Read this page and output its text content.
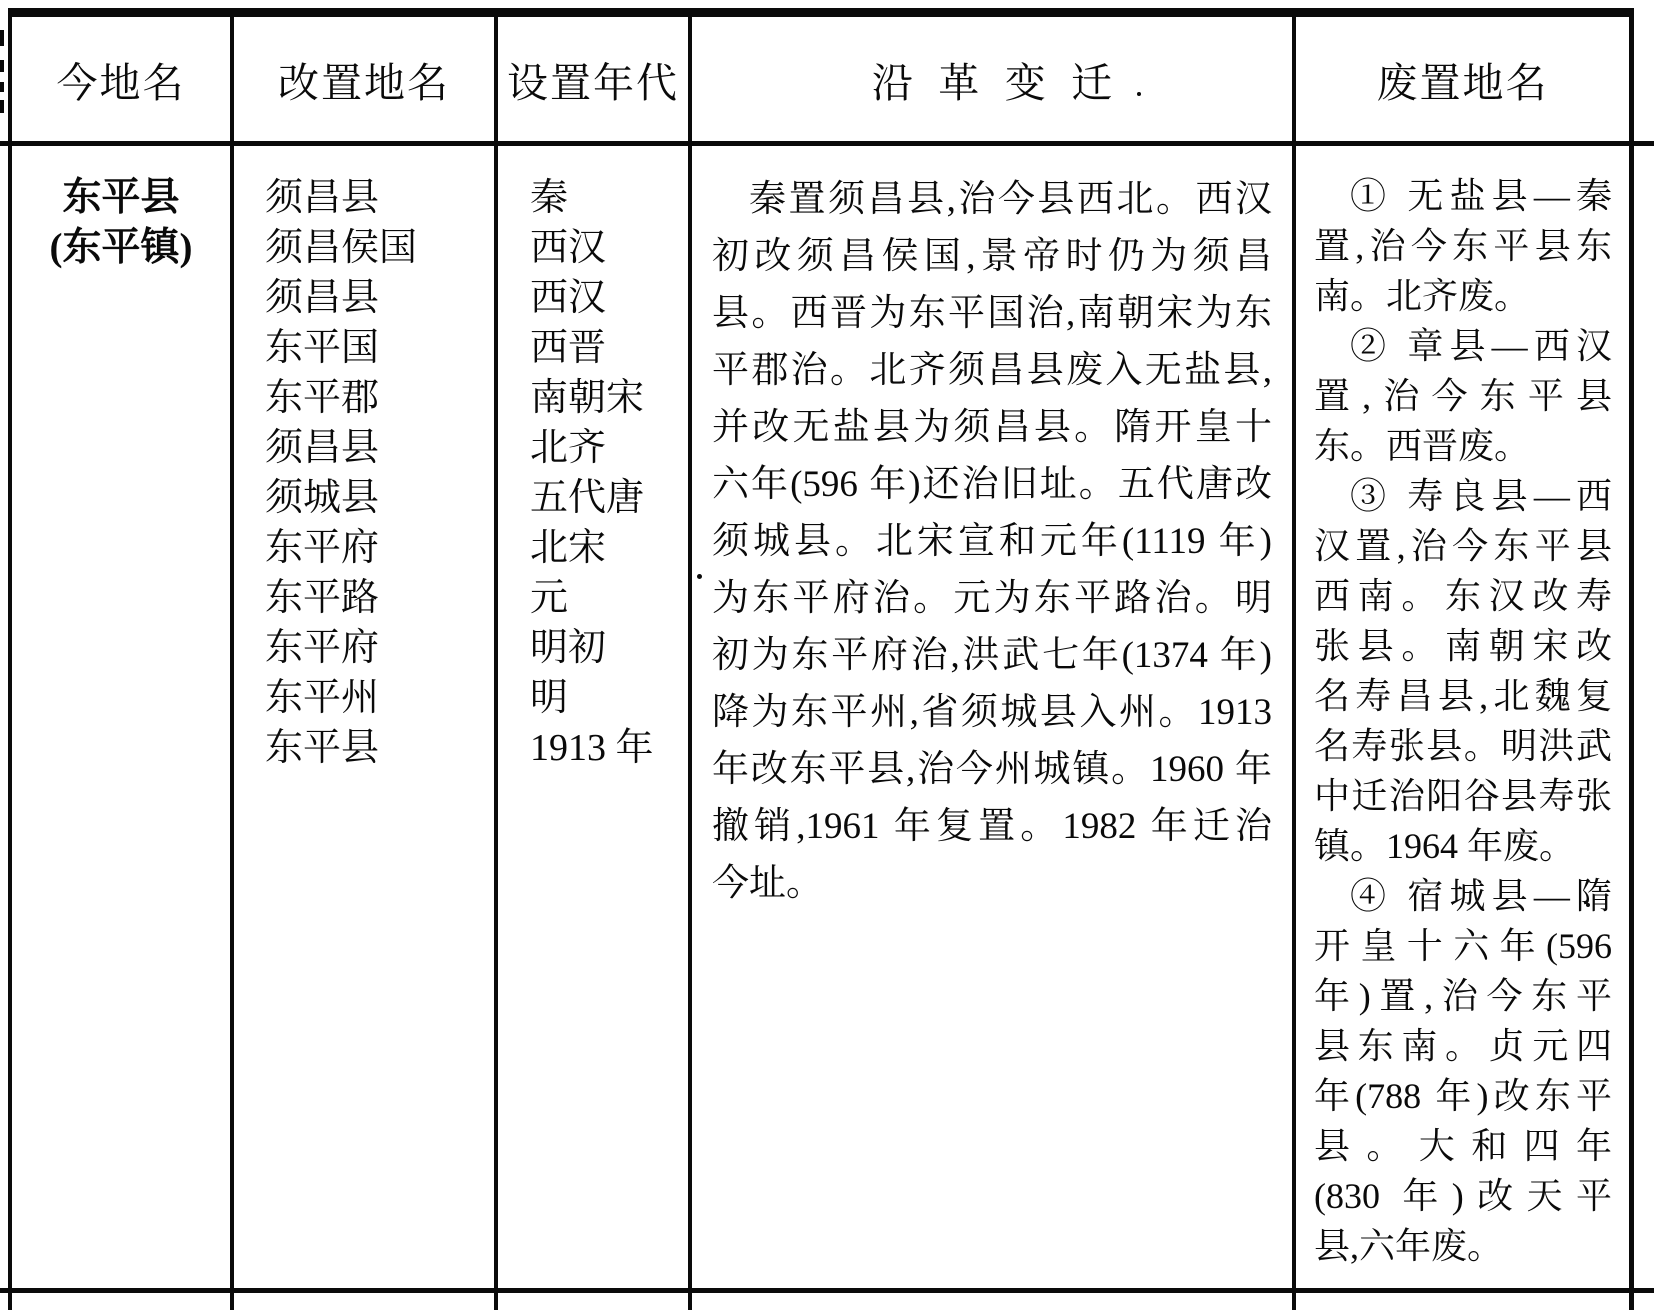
今地名 改置地名 设置年代	沿革变迁	废置地名
东平县
(东平镇)
须昌县
须昌侯国
须昌县
东平国
东平郡
须昌县
须城县
东平府
东平路
东平府
东平州
东平县
秦
西汉
西汉
西晋
南朝宋
北齐
五代唐
北宋
元
明初
明
1913 年
秦置须昌县,治今县西北。西汉
初改须昌侯国,景帝时仍为须昌
县。西晋为东平国治,南朝宋为东
平郡治。北齐须昌县废入无盐县,
并改无盐县为须昌县。隋开皇十
六年(596 年)还治旧址。五代唐改
须城县。北宋宣和元年(1119 年)
为东平府治。元为东平路治。明
初为东平府治,洪武七年(1374 年)
降为东平州,省须城县入州。1913
年改东平县,治今州城镇。1960 年
撤销,1961 年复置。1982 年迁治
今址。
① 无盐县—秦
置,治今东平县东
南。北齐废。
② 章县—西汉
置,治今东平县
东。西晋废。
③ 寿良县—西
汉置,治今东平县
西南。东汉改寿
张县。南朝宋改
名寿昌县,北魏复
名寿张县。明洪武
中迁治阳谷县寿张
镇。1964 年废。
④ 宿城县—隋
开皇十六年(596
年)置,治今东平
县东南。贞元四
年(788 年)改东平
县。大和四年
(830 年)改天平
县,六年废。
